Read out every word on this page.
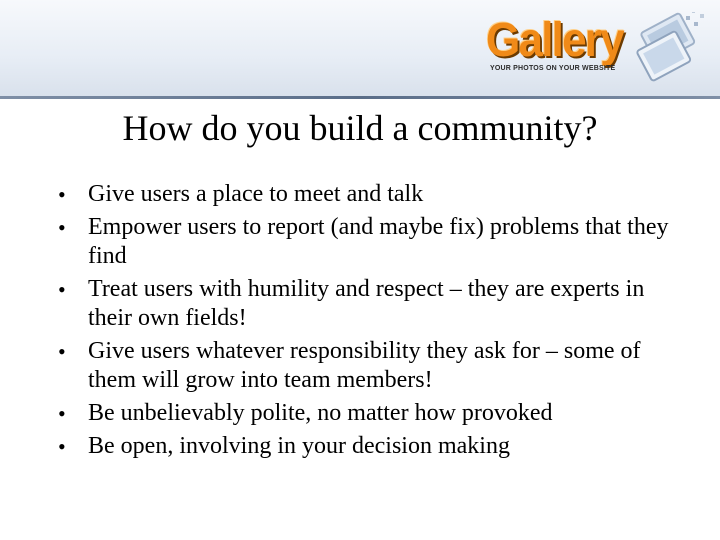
Gallery
YOUR PHOTOS ON YOUR WEBSITE
How do you build a community?
• Give users a place to meet and talk
• Empower users to report (and maybe fix) problems that they find
• Treat users with humility and respect – they are experts in their own fields!
• Give users whatever responsibility they ask for – some of them will grow into team members!
• Be unbelievably polite, no matter how provoked
• Be open, involving in your decision making
